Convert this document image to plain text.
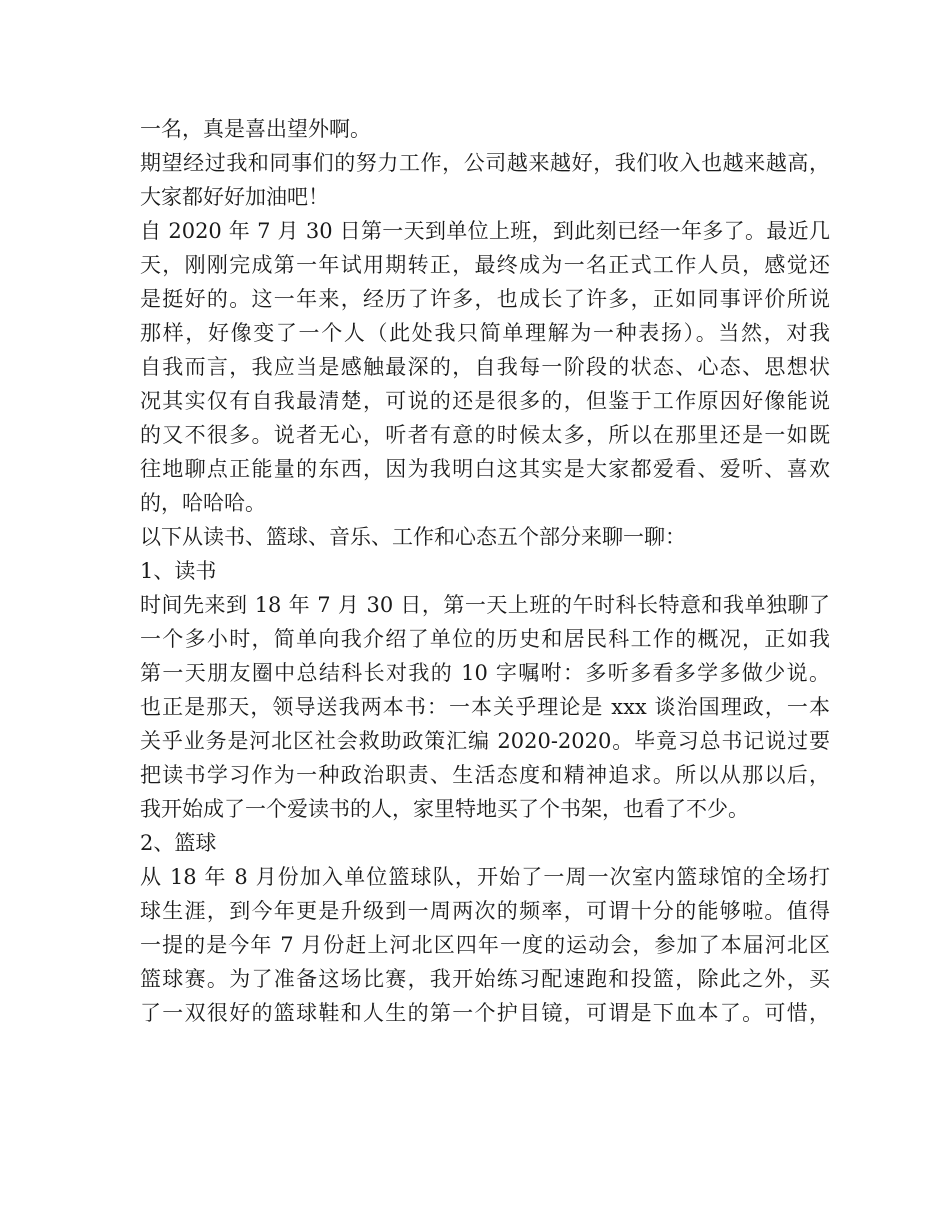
一名，真是喜出望外啊。
期望经过我和同事们的努力工作，公司越来越好，我们收入也越来越高，
大家都好好加油吧！
自 2020 年 7 月 30 日第一天到单位上班，到此刻已经一年多了。最近几
天，刚刚完成第一年试用期转正，最终成为一名正式工作人员，感觉还
是挺好的。这一年来，经历了许多，也成长了许多，正如同事评价所说
那样，好像变了一个人（此处我只简单理解为一种表扬）。当然，对我
自我而言，我应当是感触最深的，自我每一阶段的状态、心态、思想状
况其实仅有自我最清楚，可说的还是很多的，但鉴于工作原因好像能说
的又不很多。说者无心，听者有意的时候太多，所以在那里还是一如既
往地聊点正能量的东西，因为我明白这其实是大家都爱看、爱听、喜欢
的，哈哈哈。
以下从读书、篮球、音乐、工作和心态五个部分来聊一聊：
1、读书
时间先来到 18 年 7 月 30 日，第一天上班的午时科长特意和我单独聊了
一个多小时，简单向我介绍了单位的历史和居民科工作的概况，正如我
第一天朋友圈中总结科长对我的 10 字嘱咐：多听多看多学多做少说。
也正是那天，领导送我两本书：一本关乎理论是 xxx 谈治国理政，一本
关乎业务是河北区社会救助政策汇编 2020-2020。毕竟习总书记说过要
把读书学习作为一种政治职责、生活态度和精神追求。所以从那以后，
我开始成了一个爱读书的人，家里特地买了个书架，也看了不少。
2、篮球
从 18 年 8 月份加入单位篮球队，开始了一周一次室内篮球馆的全场打
球生涯，到今年更是升级到一周两次的频率，可谓十分的能够啦。值得
一提的是今年 7 月份赶上河北区四年一度的运动会，参加了本届河北区
篮球赛。为了准备这场比赛，我开始练习配速跑和投篮，除此之外，买
了一双很好的篮球鞋和人生的第一个护目镜，可谓是下血本了。可惜，
